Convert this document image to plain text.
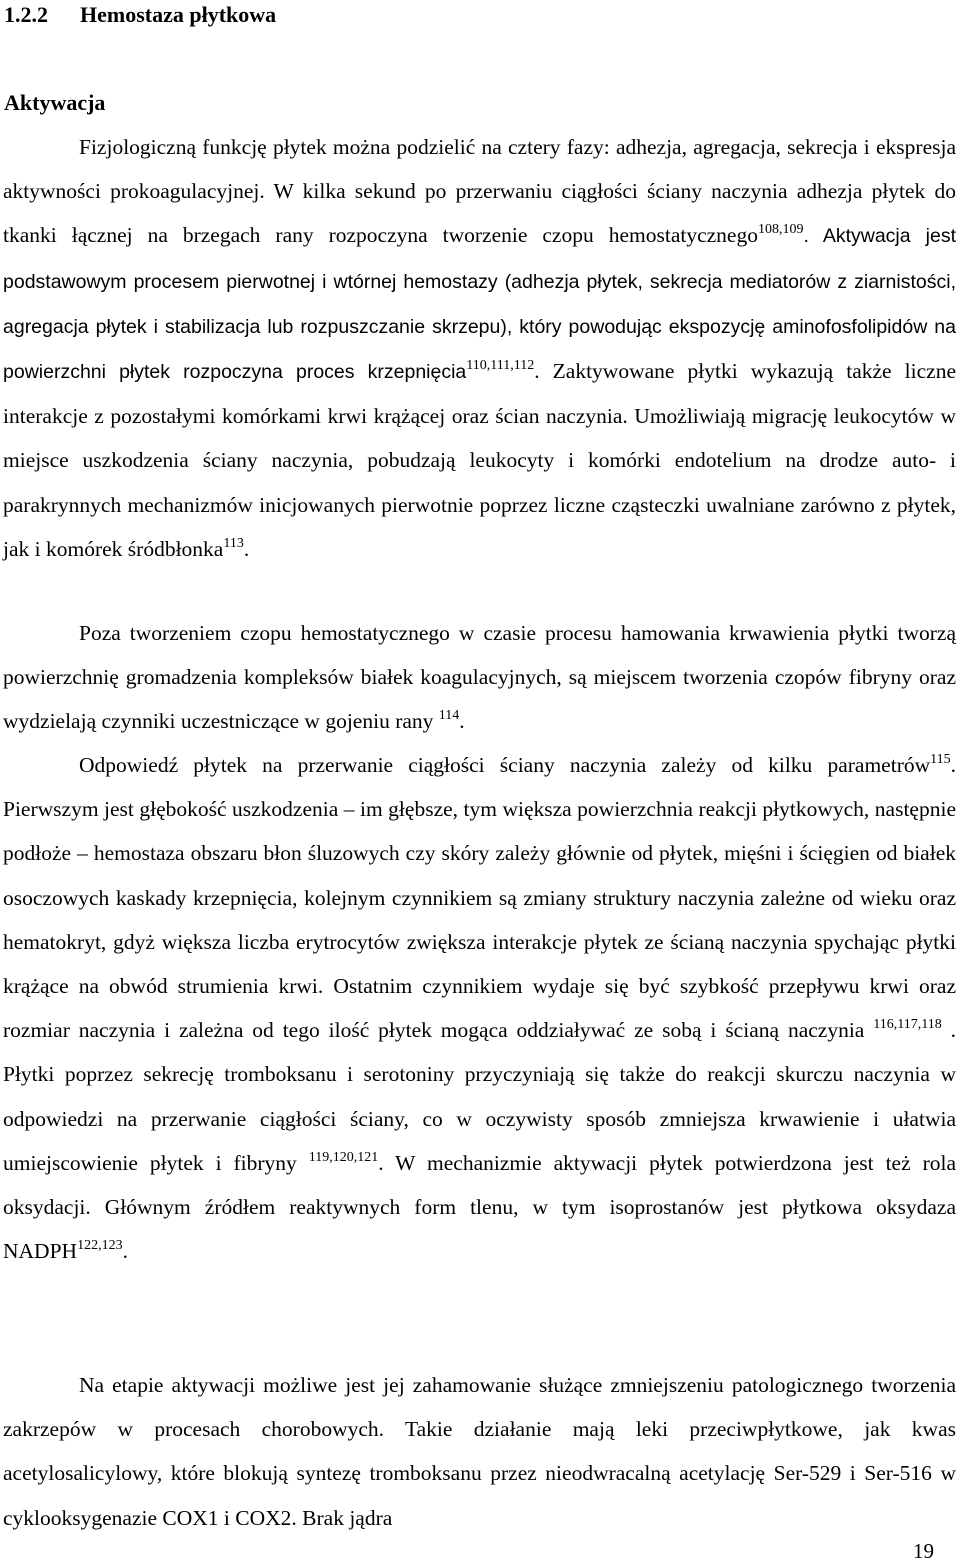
1.2.2 Hemostaza płytkowa
Aktywacja

Fizjologiczną funkcję płytek można podzielić na cztery fazy: adhezja, agregacja, sekrecja i ekspresja aktywności prokoagulacyjnej. W kilka sekund po przerwaniu ciągłości ściany naczynia adhezja płytek do tkanki łącznej na brzegach rany rozpoczyna tworzenie czopu hemostatycznego$^{108,109}$. Aktywacja jest podstawowym procesem pierwotnej i wtórnej hemostazy (adhezja płytek, sekrecja mediatorów z ziarnistości, agregacja płytek i stabilizacja lub rozpuszczanie skrzepu), który powodując ekspozycję aminofosfolipidów na powierzchni płytek rozpoczyna proces krzepnięcia$^{110,111,112}$. Zaktywowane płytki wykazują także liczne interakcje z pozostałymi komórkami krwi krążącej oraz ścian naczynia. Umożliwiają migrację leukocytów w miejsce uszkodzenia ściany naczynia, pobudzają leukocyty i komórki endotelium na drodze auto- i parakrynnych mechanizmów inicjowanych pierwotnie poprzez liczne cząsteczki uwalniane zarówno z płytek, jak i komórek śródbłonka$^{113}$.

Poza tworzeniem czopu hemostatycznego w czasie procesu hamowania krwawienia płytki tworzą powierzchnię gromadzenia kompleksów białek koagulacyjnych, są miejscem tworzenia czopów fibryny oraz wydzielają czynniki uczestniczące w gojeniu rany $^{114}$.

Odpowiedź płytek na przerwanie ciągłości ściany naczynia zależy od kilku parametrów$^{115}$. Pierwszym jest głębokość uszkodzenia – im głębsze, tym większa powierzchnia reakcji płytkowych, następnie podłoże – hemostaza obszaru błon śluzowych czy skóry zależy głównie od płytek, mięśni i ścięgien od białek osoczowych kaskady krzepnięcia, kolejnym czynnikiem są zmiany struktury naczynia zależne od wieku oraz hematokryt, gdyż większa liczba erytrocytów zwiększa interakcje płytek ze ścianą naczynia spychając płytki krążące na obwód strumienia krwi. Ostatnim czynnikiem wydaje się być szybkość przepływu krwi oraz rozmiar naczynia i zależna od tego ilość płytek mogąca oddziaływać ze sobą i ścianą naczynia $^{116,117,118}$ . Płytki poprzez sekrecję tromboksanu i serotoniny przyczyniają się także do reakcji skurczu naczynia w odpowiedzi na przerwanie ciągłości ściany, co w oczywisty sposób zmniejsza krwawienie i ułatwia umiejscowienie płytek i fibryny $^{119,120,121}$. W mechanizmie aktywacji płytek potwierdzona jest też rola oksydacji. Głównym źródłem reaktywnych form tlenu, w tym isoprostanów jest płytkowa oksydaza NADPH$^{122,123}$.

Na etapie aktywacji możliwe jest jej zahamowanie służące zmniejszeniu patologicznego tworzenia zakrzepów w procesach chorobowych. Takie działanie mają leki przeciwpłytkowe, jak kwas acetylosalicylowy, które blokują syntezę tromboksanu przez nieodwracalną acetylację Ser-529 i Ser-516 w cyklooksygenazie COX1 i COX2. Brak jądra

19
